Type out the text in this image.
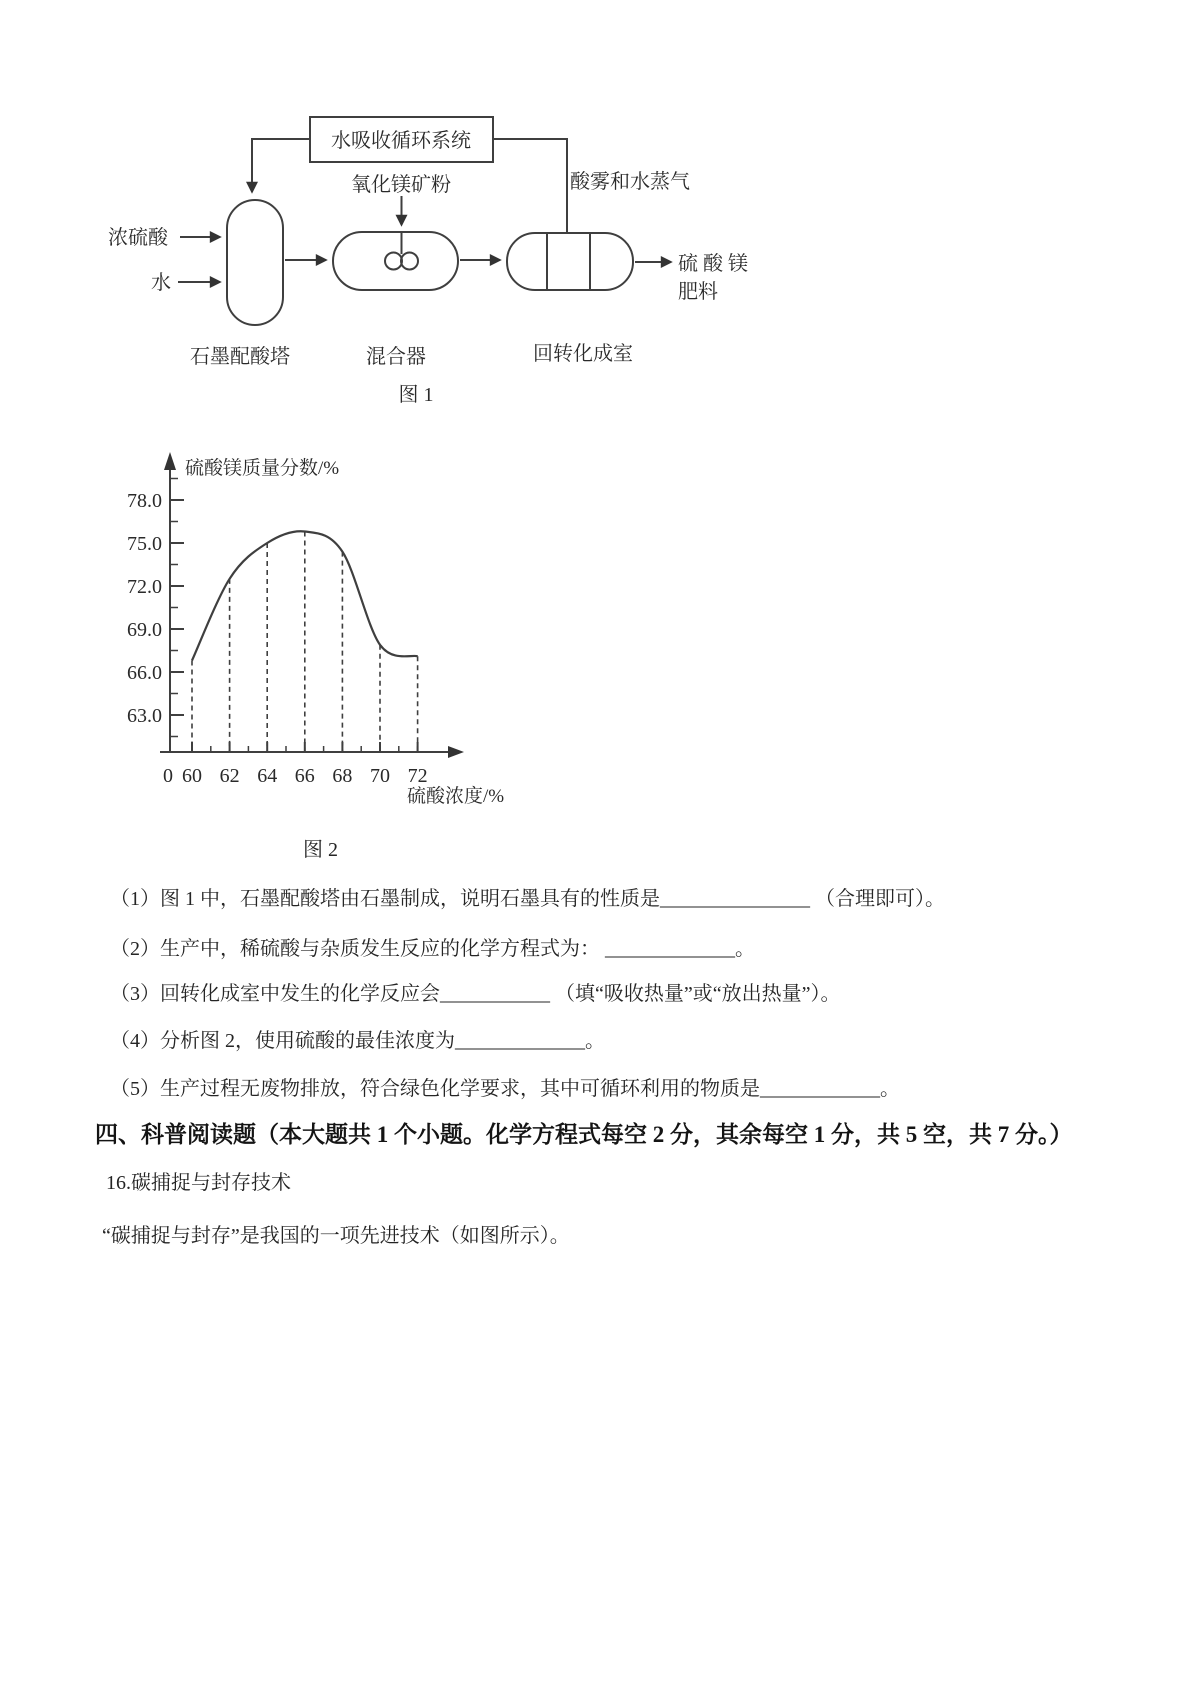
水吸收循环系统
浓硫酸
水
氧化镁矿粉	酸雾和水蒸气
硫 酸 镁
肥料
石墨配酸塔	混合器	回转化成室
图 1
63.0
66.0
69.0
72.0
75.0
78.0
0 60 62 64 66 68 70 72
硫酸镁质量分数/%
硫酸浓度/%
图 2
（1）图 1 中，石墨配酸塔由石墨制成，说明石墨具有的性质是_______________ （合理即可）。
（2）生产中，稀硫酸与杂质发生反应的化学方程式为： _____________。
（3）回转化成室中发生的化学反应会___________ （填“吸收热量”或“放出热量”）。
（4）分析图 2，使用硫酸的最佳浓度为_____________。
（5）生产过程无废物排放，符合绿色化学要求，其中可循环利用的物质是____________。
四、科普阅读题（本大题共 1 个小题。化学方程式每空 2 分，其余每空 1 分，共 5 空，共 7 分。）
16.碳捕捉与封存技术
“碳捕捉与封存”是我国的一项先进技术（如图所示）。
